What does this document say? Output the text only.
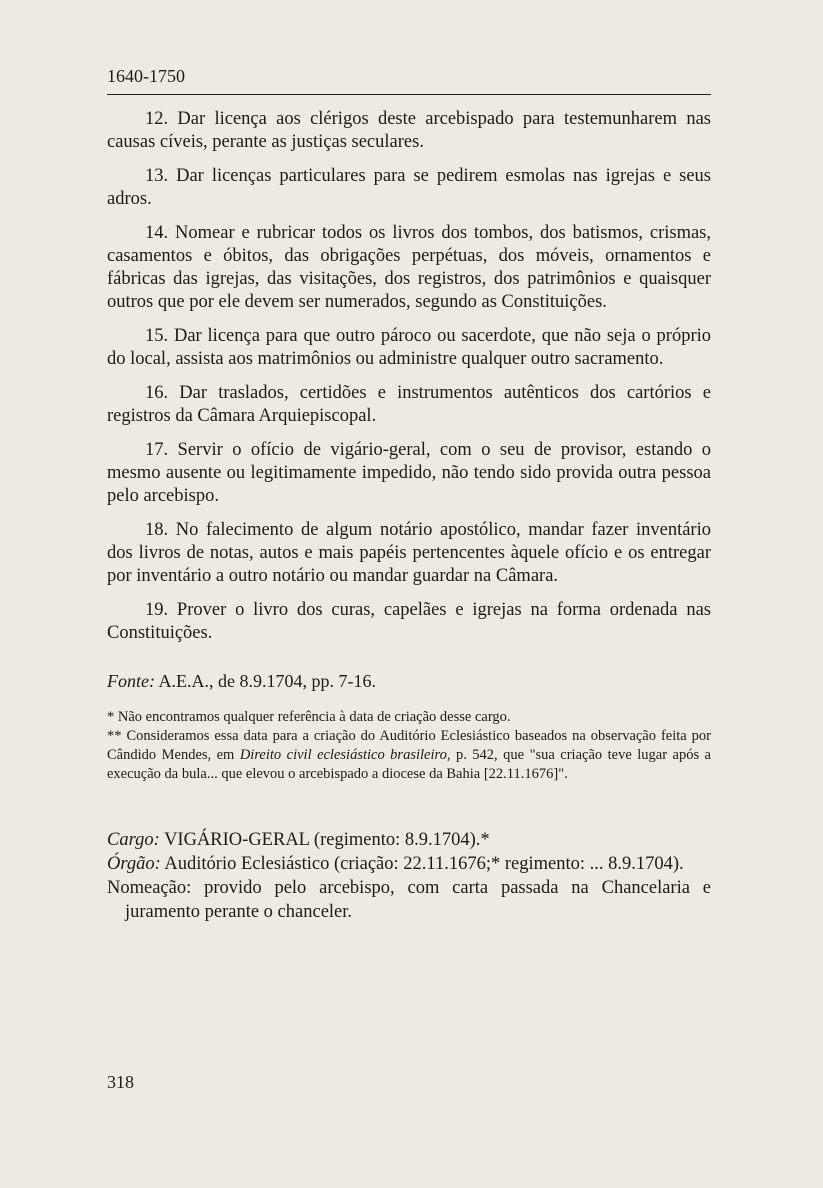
1640-1750

12. Dar licença aos clérigos deste arcebispado para testemunharem nas causas cíveis, perante as justiças seculares.

13. Dar licenças particulares para se pedirem esmolas nas igrejas e seus adros.

14. Nomear e rubricar todos os livros dos tombos, dos batismos, crismas, casamentos e óbitos, das obrigações perpétuas, dos móveis, ornamentos e fábricas das igrejas, das visitações, dos registros, dos patrimônios e quaisquer outros que por ele devem ser numerados, segundo as Constituições.

15. Dar licença para que outro pároco ou sacerdote, que não seja o próprio do local, assista aos matrimônios ou administre qualquer outro sacramento.

16. Dar traslados, certidões e instrumentos autênticos dos cartórios e registros da Câmara Arquiepiscopal.

17. Servir o ofício de vigário-geral, com o seu de provisor, estando o mesmo ausente ou legitimamente impedido, não tendo sido provida outra pessoa pelo arcebispo.

18. No falecimento de algum notário apostólico, mandar fazer inventário dos livros de notas, autos e mais papéis pertencentes àquele ofício e os entregar por inventário a outro notário ou mandar guardar na Câmara.

19. Prover o livro dos curas, capelães e igrejas na forma ordenada nas Constituições.

Fonte: A.E.A., de 8.9.1704, pp. 7-16.

* Não encontramos qualquer referência à data de criação desse cargo.

** Consideramos essa data para a criação do Auditório Eclesiástico baseados na observação feita por Cândido Mendes, em Direito civil eclesiástico brasileiro, p. 542, que "sua criação teve lugar após a execução da bula... que elevou o arcebispado a diocese da Bahia [22.11.1676]".

Cargo: VIGÁRIO-GERAL (regimento: 8.9.1704).*

Órgão: Auditório Eclesiástico (criação: 22.11.1676;* regimento: ... 8.9.1704).

Nomeação: provido pelo arcebispo, com carta passada na Chancelaria e juramento perante o chanceler.

318
